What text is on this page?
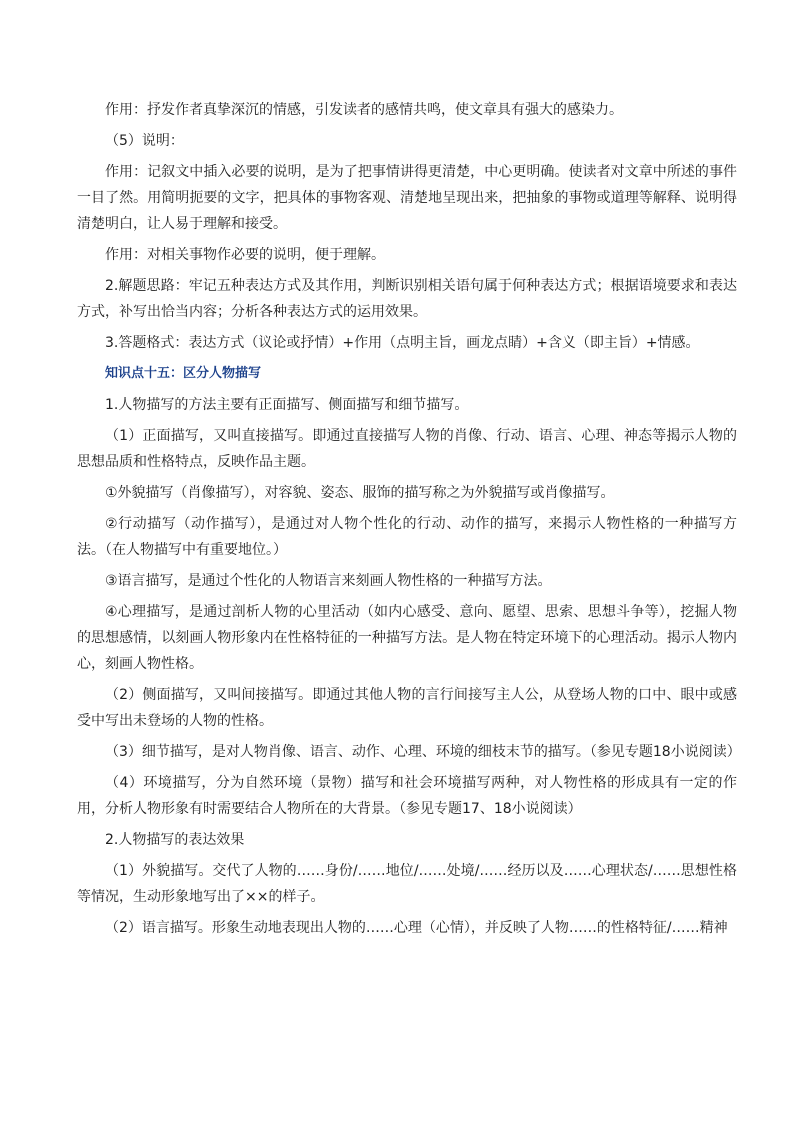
作用：抒发作者真挚深沉的情感，引发读者的感情共鸣，使文章具有强大的感染力。

（5）说明：

作用：记叙文中插入必要的说明，是为了把事情讲得更清楚，中心更明确。使读者对文章中所述的事件一目了然。用简明扼要的文字，把具体的事物客观、清楚地呈现出来，把抽象的事物或道理等解释、说明得清楚明白，让人易于理解和接受。

作用：对相关事物作必要的说明，便于理解。

2.解题思路：牢记五种表达方式及其作用，判断识别相关语句属于何种表达方式；根据语境要求和表达方式，补写出恰当内容；分析各种表达方式的运用效果。

3.答题格式：表达方式（议论或抒情）+作用（点明主旨，画龙点睛）+含义（即主旨）+情感。

知识点十五：区分人物描写

1.人物描写的方法主要有正面描写、侧面描写和细节描写。

（1）正面描写，又叫直接描写。即通过直接描写人物的肖像、行动、语言、心理、神态等揭示人物的思想品质和性格特点，反映作品主题。

①外貌描写（肖像描写），对容貌、姿态、服饰的描写称之为外貌描写或肖像描写。

②行动描写（动作描写），是通过对人物个性化的行动、动作的描写，来揭示人物性格的一种描写方法。（在人物描写中有重要地位。）

③语言描写，是通过个性化的人物语言来刻画人物性格的一种描写方法。

④心理描写，是通过剖析人物的心里活动（如内心感受、意向、愿望、思索、思想斗争等），挖掘人物的思想感情，以刻画人物形象内在性格特征的一种描写方法。是人物在特定环境下的心理活动。揭示人物内心，刻画人物性格。

（2）侧面描写，又叫间接描写。即通过其他人物的言行间接写主人公，从登场人物的口中、眼中或感受中写出未登场的人物的性格。

（3）细节描写，是对人物肖像、语言、动作、心理、环境的细枝末节的描写。（参见专题18小说阅读）

（4）环境描写，分为自然环境（景物）描写和社会环境描写两种，对人物性格的形成具有一定的作用，分析人物形象有时需要结合人物所在的大背景。（参见专题17、18小说阅读）

2.人物描写的表达效果

（1）外貌描写。交代了人物的……身份/……地位/……处境/……经历以及……心理状态/……思想性格等情况，生动形象地写出了××的样子。

（2）语言描写。形象生动地表现出人物的……心理（心情），并反映了人物……的性格特征/……精神
